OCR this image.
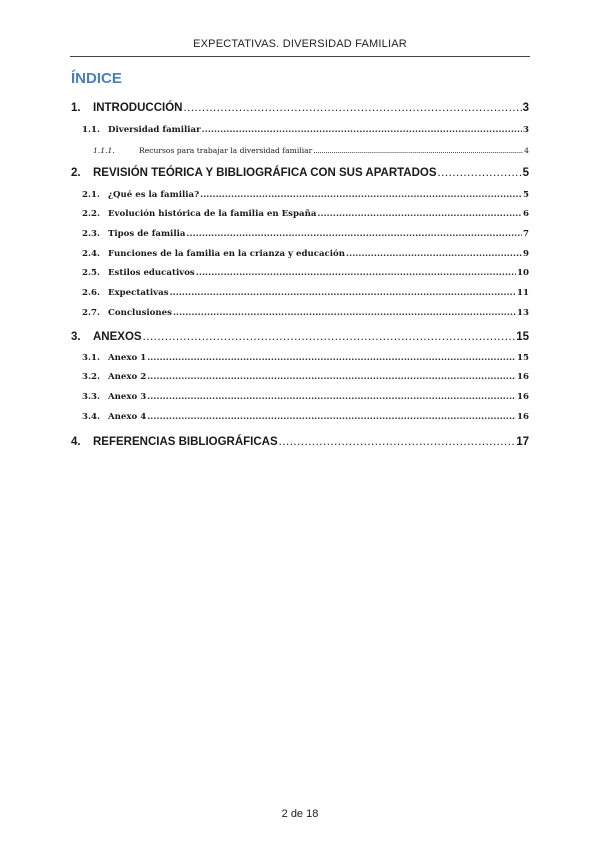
EXPECTATIVAS. DIVERSIDAD FAMILIAR
ÍNDICE
1.	INTRODUCCIÓN .....	3
1.1. Diversidad familiar .....	3
1.1.1.	Recursos para trabajar la diversidad familiar .....	4
2.	REVISIÓN TEÓRICA Y BIBLIOGRÁFICA CON SUS APARTADOS .....	5
2.1. ¿Qué es la familia? .....	5
2.2. Evolución histórica de la familia en España .....	6
2.3. Tipos de familia .....	7
2.4. Funciones de la familia en la crianza y educación .....	9
2.5. Estilos educativos .....	10
2.6. Expectativas .....	11
2.7. Conclusiones .....	13
3.	ANEXOS .....	15
3.1. Anexo 1 .....	15
3.2. Anexo 2 .....	16
3.3. Anexo 3 .....	16
3.4. Anexo 4 .....	16
4.	REFERENCIAS BIBLIOGRÁFICAS .....	17
2 de 18
